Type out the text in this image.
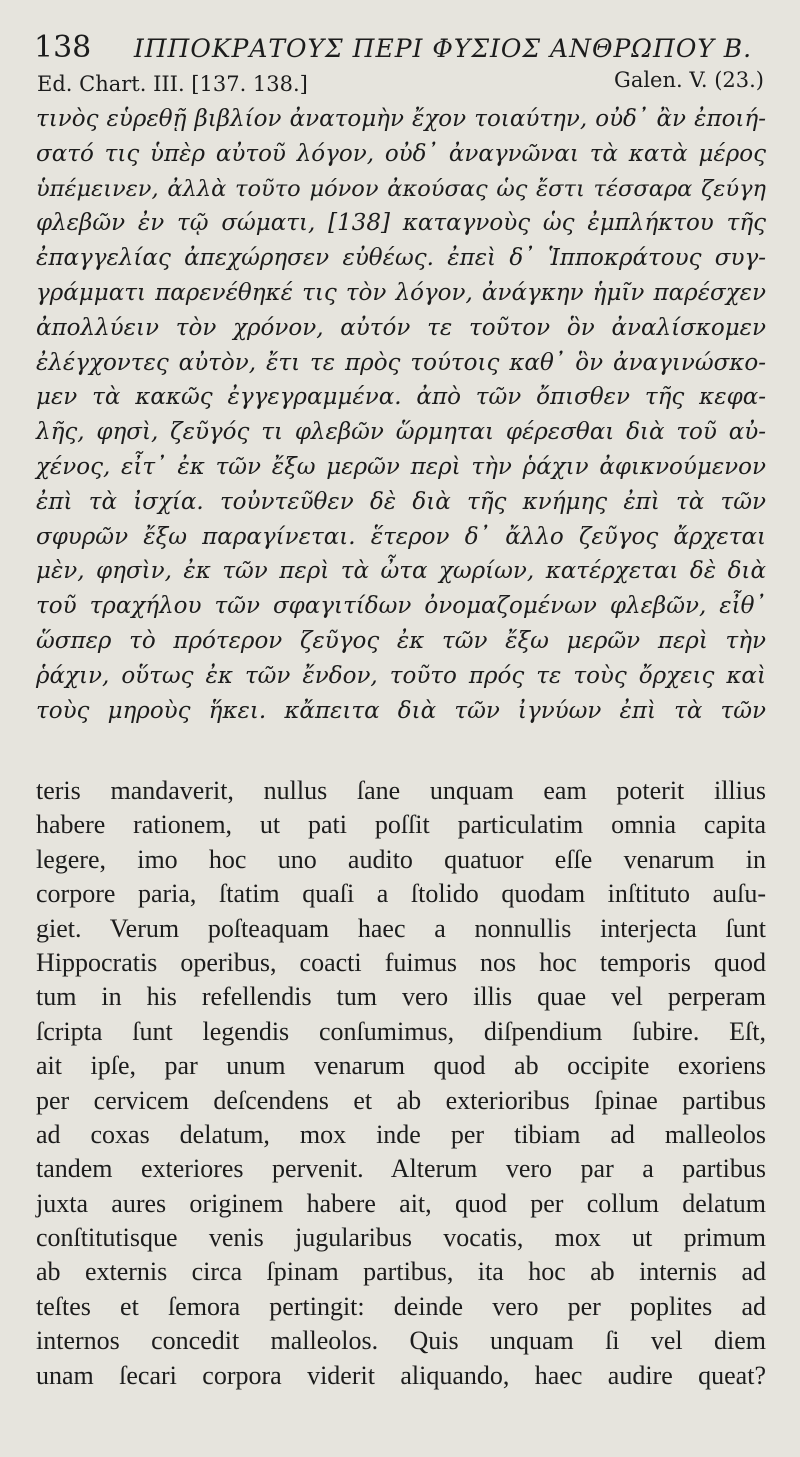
138 ΙΠΠΟΚΡΑΤΟΥΣ ΠΕΡΙ ΦΥΣΙΟΣ ΑΝΘΡΩΠΟΥ Β.
Ed. Chart. III. [137. 138.]	Galen. V. (23.)
τινὸς εὑρεθῇ βιβλίον ἀνατομὴν ἔχον τοιαύτην, οὐδ᾿ ἂν ἐποιή-
σατό τις ὑπὲρ αὐτοῦ λόγον, οὐδ᾿ ἀναγνῶναι τὰ κατὰ μέρος
ὑπέμεινεν, ἀλλὰ τοῦτο μόνον ἀκούσας ὡς ἔστι τέσσαρα ζεύγη
φλεβῶν ἐν τῷ σώματι, [138] καταγνοὺς ὡς ἐμπλήκτου τῆς
ἐπαγγελίας ἀπεχώρησεν εὐθέως. ἐπεὶ δ᾿ Ἱπποκράτους συγ-
γράμματι παρενέθηκέ τις τὸν λόγον, ἀνάγκην ἡμῖν παρέσχεν
ἀπολλύειν τὸν χρόνον, αὐτόν τε τοῦτον ὃν ἀναλίσκομεν
ἐλέγχοντες αὐτὸν, ἔτι τε πρὸς τούτοις καθ᾿ ὃν ἀναγινώσκο-
μεν τὰ κακῶς ἐγγεγραμμένα. ἀπὸ τῶν ὄπισθεν τῆς κεφα-
λῆς, φησὶ, ζεῦγός τι φλεβῶν ὥρμηται φέρεσθαι διὰ τοῦ αὐ-
χένος, εἶτ᾿ ἐκ τῶν ἔξω μερῶν περὶ τὴν ῥάχιν ἀφικνούμενον
ἐπὶ τὰ ἰσχία. τοὐντεῦθεν δὲ διὰ τῆς κνήμης ἐπὶ τὰ τῶν
σφυρῶν ἔξω παραγίνεται. ἕτερον δ᾿ ἄλλο ζεῦγος ἄρχεται
μὲν, φησὶν, ἐκ τῶν περὶ τὰ ὦτα χωρίων, κατέρχεται δὲ διὰ
τοῦ τραχήλου τῶν σφαγιτίδων ὀνομαζομένων φλεβῶν, εἶθ᾿
ὥσπερ τὸ πρότερον ζεῦγος ἐκ τῶν ἔξω μερῶν περὶ τὴν
ῥάχιν, οὕτως ἐκ τῶν ἔνδον, τοῦτο πρός τε τοὺς ὄρχεις καὶ
τοὺς μηροὺς ἥκει. κἄπειτα διὰ τῶν ἰγνύων ἐπὶ τὰ τῶν
teris mandaverit, nullus ſane unquam eam poterit illius
habere rationem, ut pati poſſit particulatim omnia capita
legere, imo hoc uno audito quatuor eſſe venarum in
corpore paria, ſtatim quaſi a ſtolido quodam inſtituto auſu-
giet. Verum poſteaquam haec a nonnullis interjecta ſunt
Hippocratis operibus, coacti fuimus nos hoc temporis quod
tum in his refellendis tum vero illis quae vel perperam
ſcripta ſunt legendis conſumimus, diſpendium ſubire. Eſt,
ait ipſe, par unum venarum quod ab occipite exoriens
per cervicem deſcendens et ab exterioribus ſpinae partibus
ad coxas delatum, mox inde per tibiam ad malleolos
tandem exteriores pervenit. Alterum vero par a partibus
juxta aures originem habere ait, quod per collum delatum
conſtitutisque venis jugularibus vocatis, mox ut primum
ab externis circa ſpinam partibus, ita hoc ab internis ad
teſtes et ſemora pertingit: deinde vero per poplites ad
internos concedit malleolos. Quis unquam ſi vel diem
unam ſecari corpora viderit aliquando, haec audire queat?
